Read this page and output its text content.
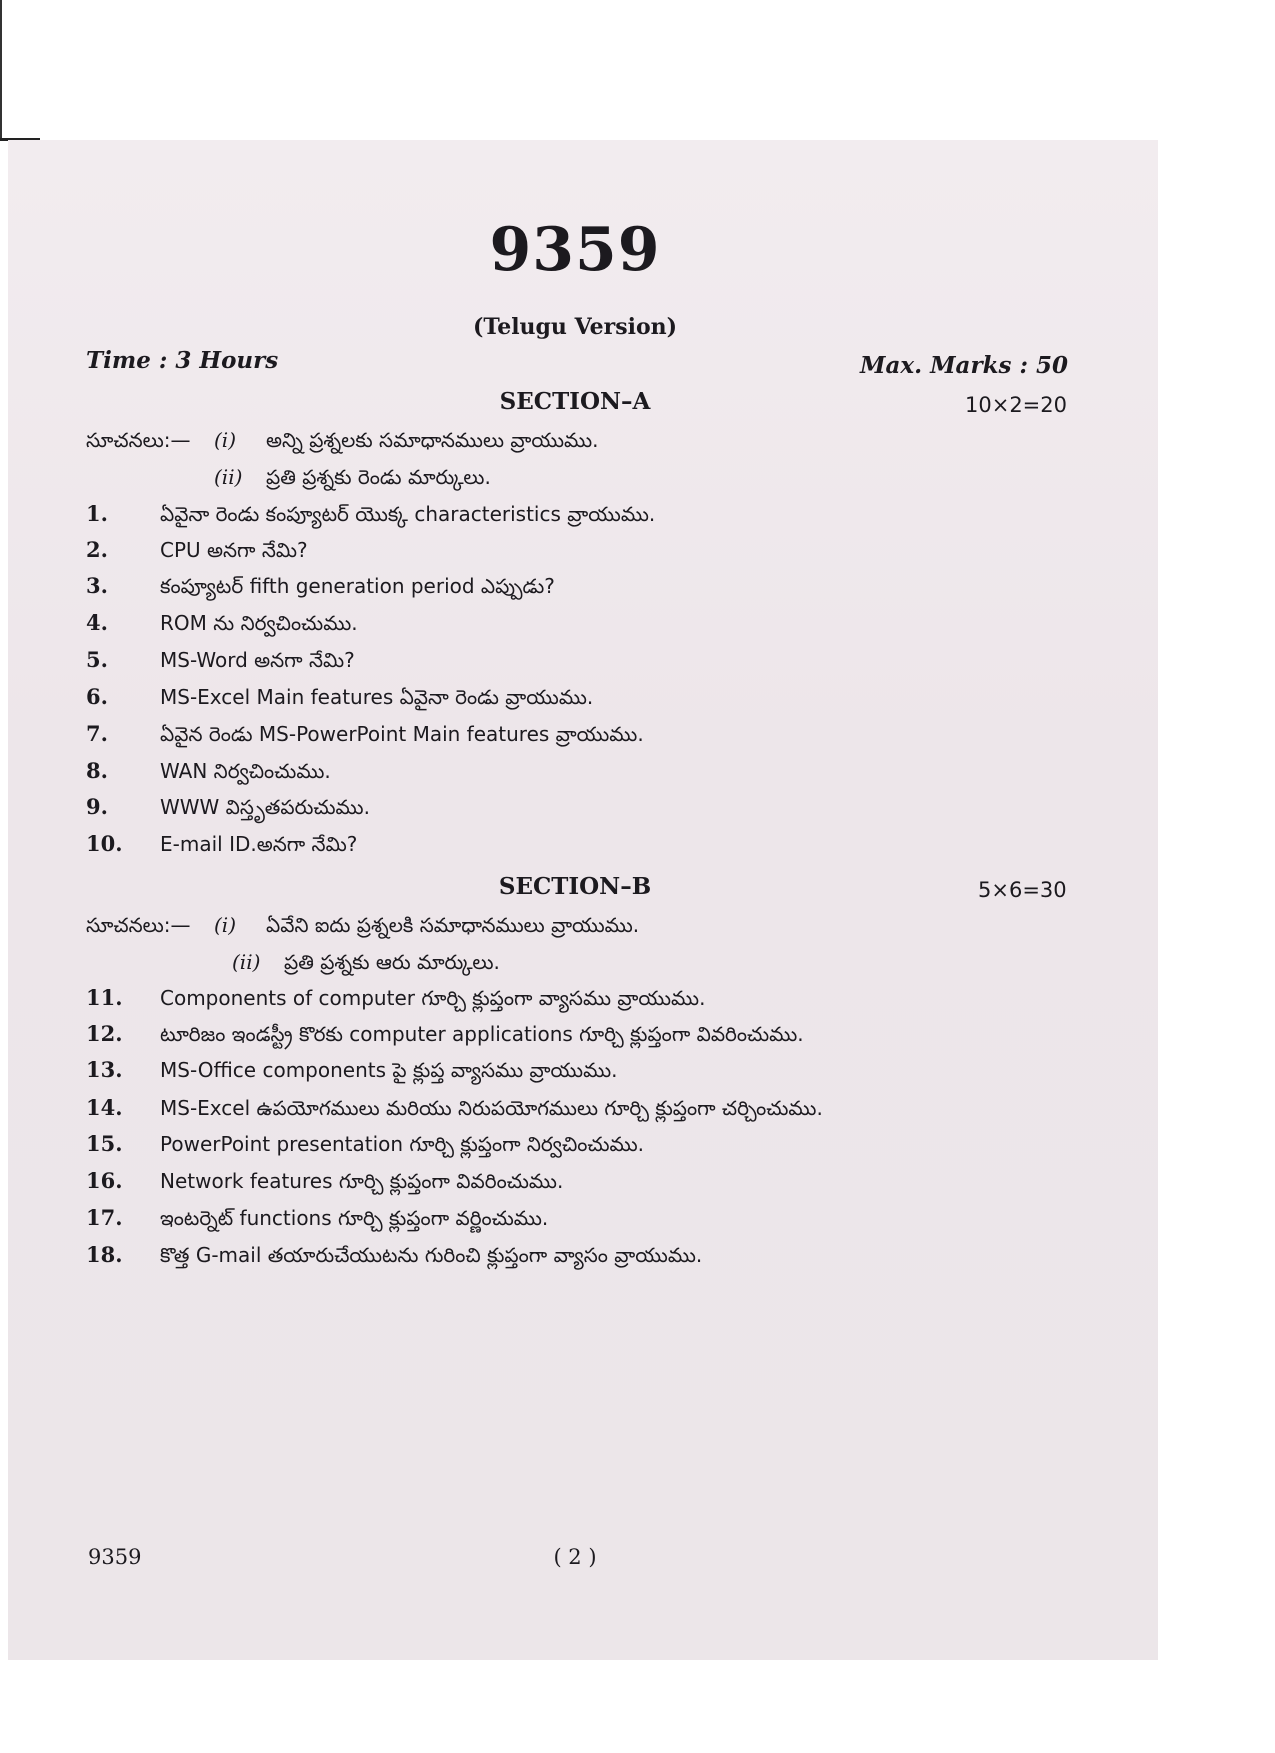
9359
(Telugu Version)
Time : 3 Hours	Max. Marks : 50
SECTION–A	10×2=20
సూచనలు:— (i) అన్ని ప్రశ్నలకు సమాధానములు వ్రాయుము.
(ii) ప్రతి ప్రశ్నకు రెండు మార్కులు.
1.	ఏవైనా రెండు కంప్యూటర్ యొక్క characteristics వ్రాయుము.
2.	CPU అనగా నేమి?
3.	కంప్యూటర్ fifth generation period ఎప్పుడు?
4.	ROM ను నిర్వచించుము.
5.	MS-Word అనగా నేమి?
6.	MS-Excel Main features ఏవైనా రెండు వ్రాయుము.
7.	ఏవైన రెండు MS-PowerPoint Main features వ్రాయుము.
8.	WAN నిర్వచించుము.
9.	WWW విస్తృతపరుచుము.
10. E-mail ID.అనగా నేమి?
SECTION–B	5×6=30
సూచనలు:— (i) ఏవేని ఐదు ప్రశ్నలకి సమాధానములు వ్రాయుము.
(ii) ప్రతి ప్రశ్నకు ఆరు మార్కులు.
11. Components of computer గూర్చి క్లుప్తంగా వ్యాసము వ్రాయుము.
12. టూరిజం ఇండస్ట్రీ కొరకు computer applications గూర్చి క్లుప్తంగా వివరించుము.
13. MS-Office components పై క్లుప్త వ్యాసము వ్రాయుము.
14. MS-Excel ఉపయోగములు మరియు నిరుపయోగములు గూర్చి క్లుప్తంగా చర్చించుము.
15. PowerPoint presentation గూర్చి క్లుప్తంగా నిర్వచించుము.
16. Network features గూర్చి క్లుప్తంగా వివరించుము.
17. ఇంటర్నెట్ functions గూర్చి క్లుప్తంగా వర్ణించుము.
18. కొత్త G-mail తయారుచేయుటను గురించి క్లుప్తంగా వ్యాసం వ్రాయుము.
9359	( 2 )
